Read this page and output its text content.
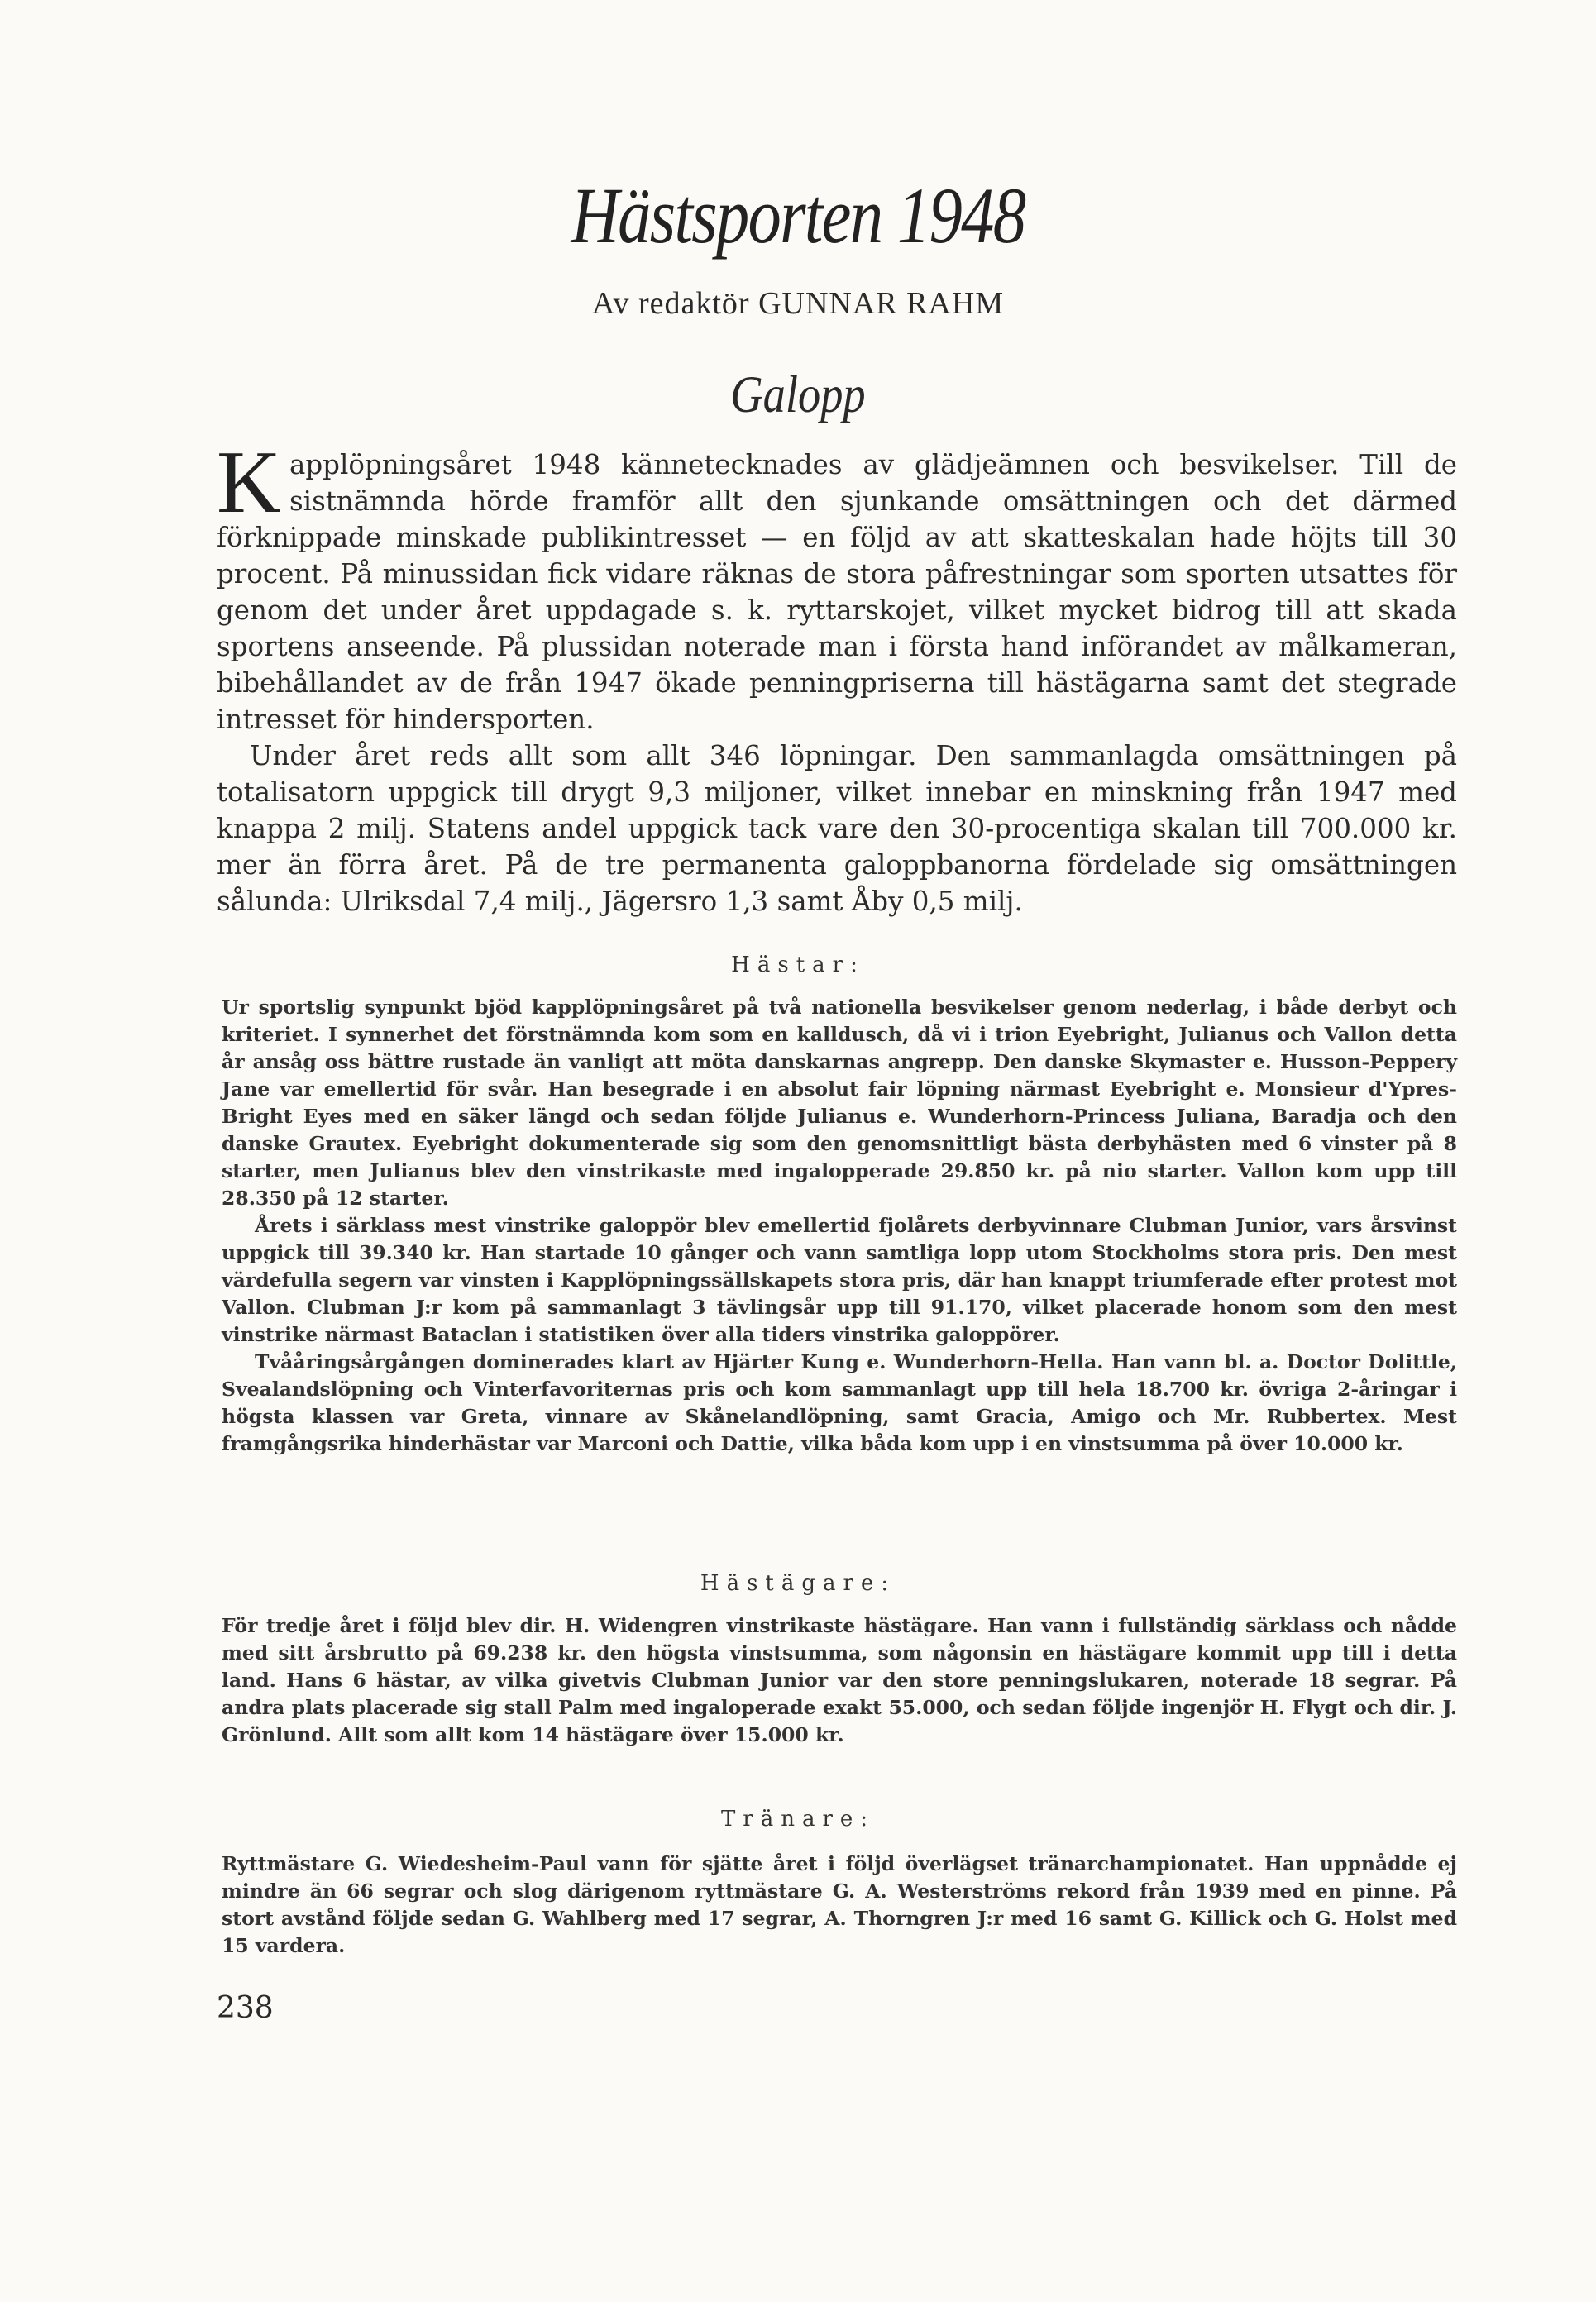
Hästsporten 1948
Av redaktör GUNNAR RAHM
Galopp

Kapplöpningsåret 1948 kännetecknades av glädjeämnen och besvikelser. Till de sistnämnda hörde framför allt den sjunkande omsättningen och det därmed förknippade minskade publikintresset — en följd av att skatteskalan hade höjts till 30 procent. På minussidan fick vidare räknas de stora påfrestningar som sporten utsattes för genom det under året uppdagade s. k. ryttarskojet, vilket mycket bidrog till att skada sportens anseende. På plussidan noterade man i första hand införandet av målkameran, bibehållandet av de från 1947 ökade penningpriserna till hästägarna samt det stegrade intresset för hindersporten.

Under året reds allt som allt 346 löpningar. Den sammanlagda omsättningen på totalisatorn uppgick till drygt 9,3 miljoner, vilket innebar en minskning från 1947 med knappa 2 milj. Statens andel uppgick tack vare den 30-procentiga skalan till 700.000 kr. mer än förra året. På de tre permanenta galoppbanorna fördelade sig omsättningen sålunda: Ulriksdal 7,4 milj., Jägersro 1,3 samt Åby 0,5 milj.

Hästar:

Ur sportslig synpunkt bjöd kapplöpningsåret på två nationella besvikelser genom nederlag, i både derbyt och kriteriet. I synnerhet det förstnämnda kom som en kalldusch, då vi i trion Eyebright, Julianus och Vallon detta år ansåg oss bättre rustade än vanligt att möta danskarnas angrepp. Den danske Skymaster e. Husson-Peppery Jane var emellertid för svår. Han besegrade i en absolut fair löpning närmast Eyebright e. Monsieur d'Ypres-Bright Eyes med en säker längd och sedan följde Julianus e. Wunderhorn-Princess Juliana, Baradja och den danske Grautex. Eyebright dokumenterade sig som den genomsnittligt bästa derbyhästen med 6 vinster på 8 starter, men Julianus blev den vinstrikaste med ingalopperade 29.850 kr. på nio starter. Vallon kom upp till 28.350 på 12 starter.

Årets i särklass mest vinstrike galoppör blev emellertid fjolårets derbyvinnare Clubman Junior, vars årsvinst uppgick till 39.340 kr. Han startade 10 gånger och vann samtliga lopp utom Stockholms stora pris. Den mest värdefulla segern var vinsten i Kapplöpningssällskapets stora pris, där han knappt triumferade efter protest mot Vallon. Clubman J:r kom på sammanlagt 3 tävlingsår upp till 91.170, vilket placerade honom som den mest vinstrike närmast Bataclan i statistiken över alla tiders vinstrika galoppörer.

Tvååringsårgången dominerades klart av Hjärter Kung e. Wunderhorn-Hella. Han vann bl. a. Doctor Dolittle, Svealandslöpning och Vinterfavoriternas pris och kom sammanlagt upp till hela 18.700 kr. övriga 2-åringar i högsta klassen var Greta, vinnare av Skånelandlöpning, samt Gracia, Amigo och Mr. Rubbertex. Mest framgångsrika hinderhästar var Marconi och Dattie, vilka båda kom upp i en vinstsumma på över 10.000 kr.

Hästägare:

För tredje året i följd blev dir. H. Widengren vinstrikaste hästägare. Han vann i fullständig särklass och nådde med sitt årsbrutto på 69.238 kr. den högsta vinstsumma, som någonsin en hästägare kommit upp till i detta land. Hans 6 hästar, av vilka givetvis Clubman Junior var den store penningslukaren, noterade 18 segrar. På andra plats placerade sig stall Palm med ingaloperade exakt 55.000, och sedan följde ingenjör H. Flygt och dir. J. Grönlund. Allt som allt kom 14 hästägare över 15.000 kr.

Tränare:

Ryttmästare G. Wiedesheim-Paul vann för sjätte året i följd överlägset tränarchampionatet. Han uppnådde ej mindre än 66 segrar och slog därigenom ryttmästare G. A. Westerströms rekord från 1939 med en pinne. På stort avstånd följde sedan G. Wahlberg med 17 segrar, A. Thorngren J:r med 16 samt G. Killick och G. Holst med 15 vardera.

238
